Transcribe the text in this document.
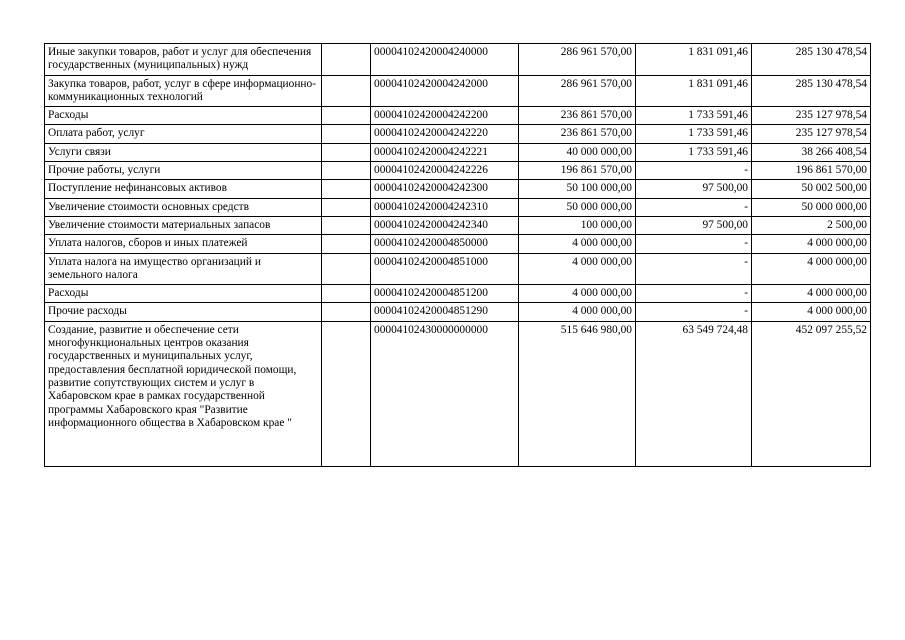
Иные закупки товаров, работ и услуг для обеспечения государственных (муниципальных) нужд		00004102420004240000	286 961 570,00	1 831 091,46	285 130 478,54
Закупка товаров, работ, услуг в сфере информационно-коммуникационных технологий		00004102420004242000	286 961 570,00	1 831 091,46	285 130 478,54
Расходы		00004102420004242200	236 861 570,00	1 733 591,46	235 127 978,54
Оплата работ, услуг		00004102420004242220	236 861 570,00	1 733 591,46	235 127 978,54
Услуги связи		00004102420004242221	40 000 000,00	1 733 591,46	38 266 408,54
Прочие работы, услуги		00004102420004242226	196 861 570,00	-	196 861 570,00
Поступление нефинансовых активов		00004102420004242300	50 100 000,00	97 500,00	50 002 500,00
Увеличение стоимости основных средств		00004102420004242310	50 000 000,00	-	50 000 000,00
Увеличение стоимости материальных запасов		00004102420004242340	100 000,00	97 500,00	2 500,00
Уплата налогов, сборов и иных платежей		00004102420004850000	4 000 000,00	-	4 000 000,00
Уплата налога на имущество организаций и земельного налога		00004102420004851000	4 000 000,00	-	4 000 000,00
Расходы		00004102420004851200	4 000 000,00	-	4 000 000,00
Прочие расходы		00004102420004851290	4 000 000,00	-	4 000 000,00
Создание, развитие и обеспечение сети многофункциональных центров оказания государственных и муниципальных услуг, предоставления бесплатной юридической помощи, развитие сопутствующих систем и услуг в Хабаровском крае в рамках государственной программы Хабаровского края "Развитие информационного общества в Хабаровском крае "		00004102430000000000	515 646 980,00	63 549 724,48	452 097 255,52
